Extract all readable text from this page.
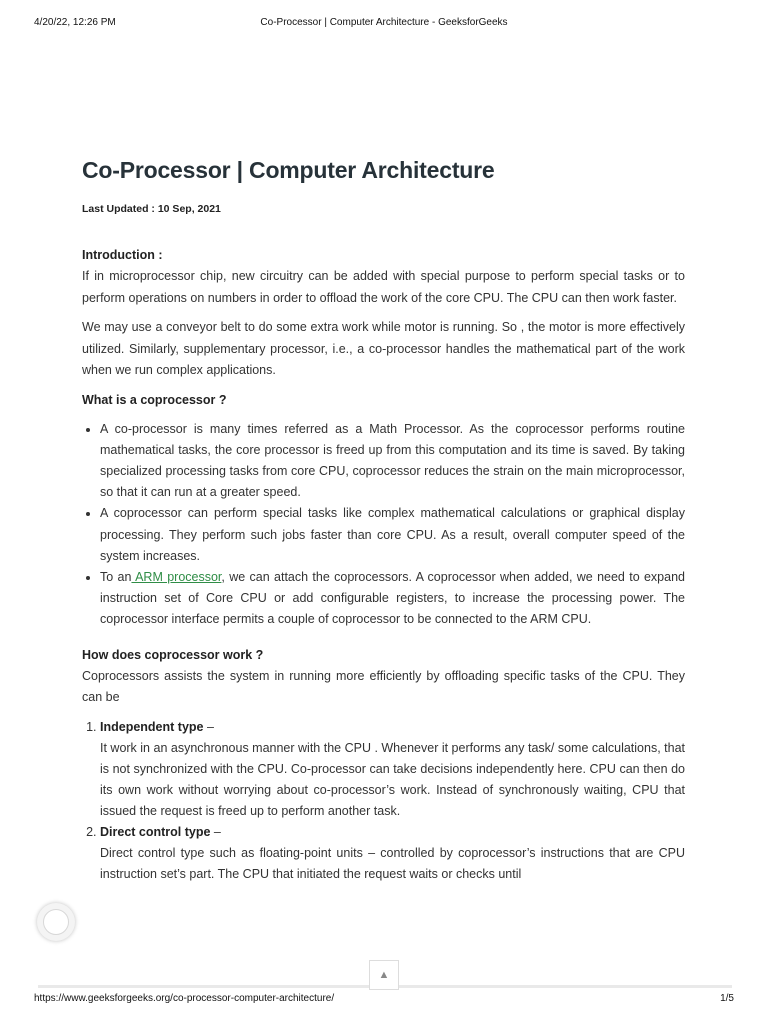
4/20/22, 12:26 PM	Co-Processor | Computer Architecture - GeeksforGeeks
Co-Processor | Computer Architecture
Last Updated : 10 Sep, 2021
Introduction :

If in microprocessor chip, new circuitry can be added with special purpose to perform special tasks or to perform operations on numbers in order to offload the work of the core CPU. The CPU can then work faster.

We may use a conveyor belt to do some extra work while motor is running. So , the motor is more effectively utilized. Similarly, supplementary processor, i.e., a co-processor handles the mathematical part of the work when we run complex applications.

What is a coprocessor ?
• A co-processor is many times referred as a Math Processor. As the coprocessor performs routine mathematical tasks, the core processor is freed up from this computation and its time is saved. By taking specialized processing tasks from core CPU, coprocessor reduces the strain on the main microprocessor, so that it can run at a greater speed.
• A coprocessor can perform special tasks like complex mathematical calculations or graphical display processing. They perform such jobs faster than core CPU. As a result, overall computer speed of the system increases.
• To an ARM processor, we can attach the coprocessors. A coprocessor when added, we need to expand instruction set of Core CPU or add configurable registers, to increase the processing power. The coprocessor interface permits a couple of coprocessor to be connected to the ARM CPU.
How does coprocessor work ?

Coprocessors assists the system in running more efficiently by offloading specific tasks of the CPU. They can be

1. Independent type –
It work in an asynchronous manner with the CPU . Whenever it performs any task/ some calculations, that is not synchronized with the CPU. Co-processor can take decisions independently here. CPU can then do its own work without worrying about co-processor’s work. Instead of synchronously waiting, CPU that issued the request is freed up to perform another task.
2. Direct control type –
Direct control type such as floating-point units – controlled by coprocessor’s instructions that are CPU instruction set’s part. The CPU that initiated the request waits or checks until
▲
https://www.geeksforgeeks.org/co-processor-computer-architecture/	1/5
